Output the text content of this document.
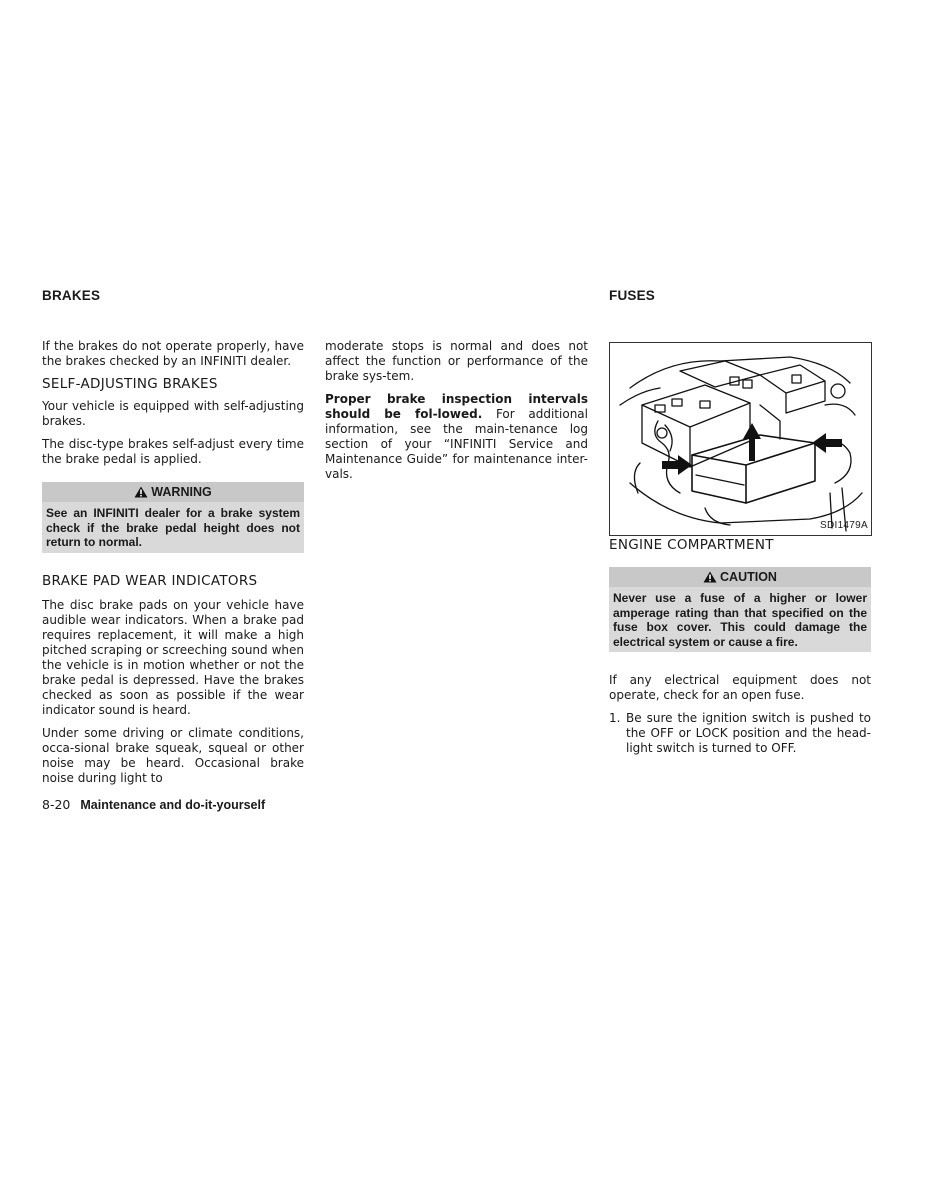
BRAKES

If the brakes do not operate properly, have the brakes checked by an INFINITI dealer.

SELF-ADJUSTING BRAKES

Your vehicle is equipped with self-adjusting brakes.

The disc-type brakes self-adjust every time the brake pedal is applied.

WARNING
See an INFINITI dealer for a brake system check if the brake pedal height does not return to normal.
BRAKE PAD WEAR INDICATORS

The disc brake pads on your vehicle have audible wear indicators. When a brake pad requires replacement, it will make a high pitched scraping or screeching sound when the vehicle is in motion whether or not the brake pedal is depressed. Have the brakes checked as soon as possible if the wear indicator sound is heard.

Under some driving or climate conditions, occa-sional brake squeak, squeal or other noise may be heard. Occasional brake noise during light to

moderate stops is normal and does not affect the function or performance of the brake sys-tem.

Proper brake inspection intervals should be fol-lowed. For additional information, see the main-tenance log section of your “INFINITI Service and Maintenance Guide” for maintenance inter-vals.

FUSES
SDI1479A
ENGINE COMPARTMENT
CAUTION
Never use a fuse of a higher or lower amperage rating than that specified on the fuse box cover. This could damage the electrical system or cause a fire.

If any electrical equipment does not operate, check for an open fuse.

1. Be sure the ignition switch is pushed to the OFF or LOCK position and the head-light switch is turned to OFF.
8-20 Maintenance and do-it-yourself
